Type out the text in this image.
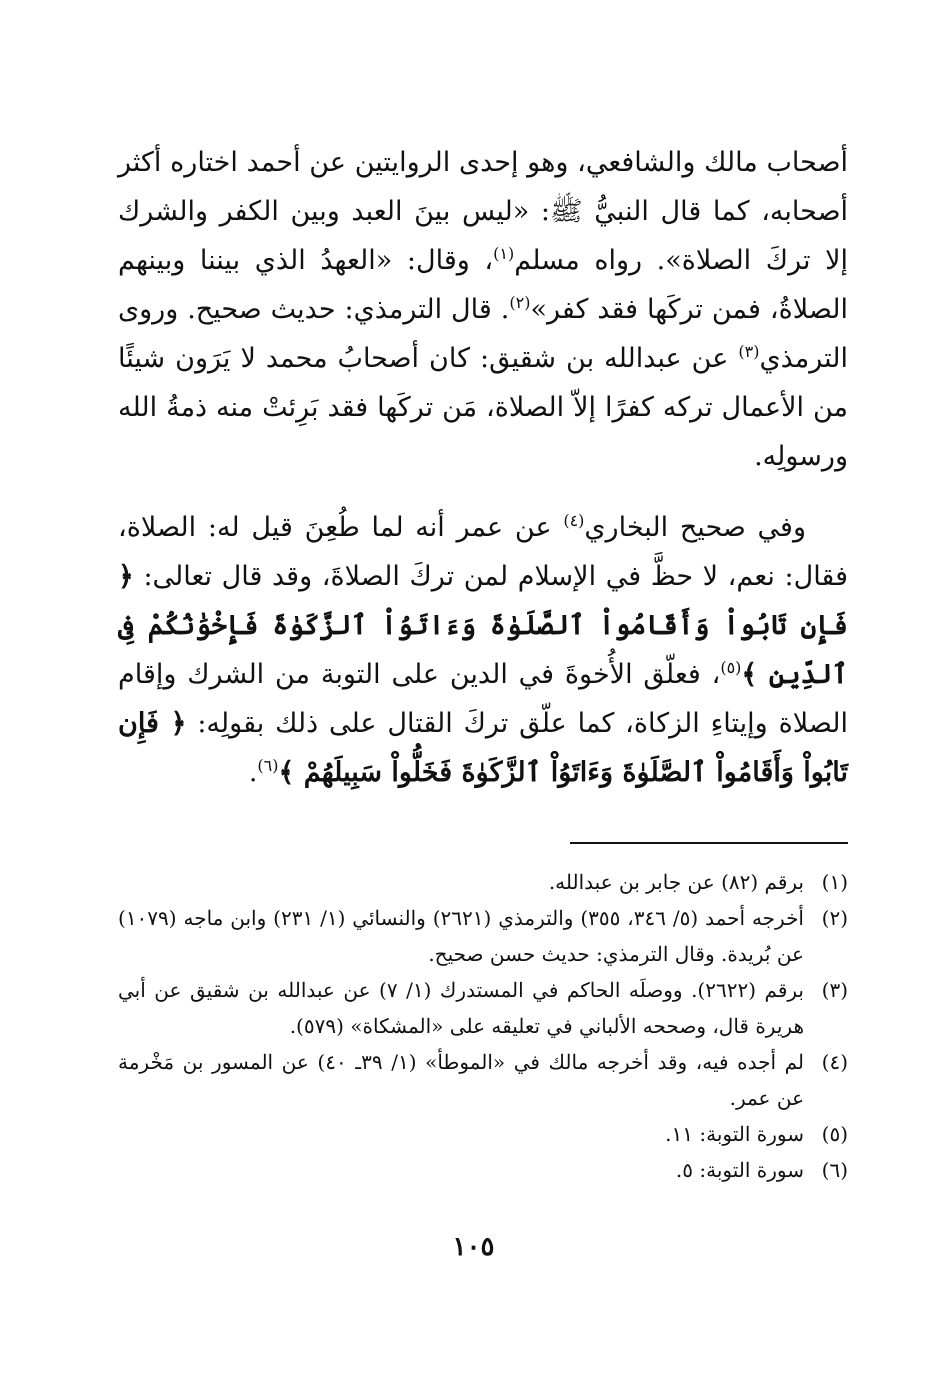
أصحاب مالك والشافعي، وهو إحدى الروايتين عن أحمد اختاره أكثر أصحابه، كما قال النبيُّ ﷺ: «ليس بينَ العبد وبين الكفر والشرك إلا تركَ الصلاة». رواه مسلم$^{(١)}$، وقال: «العهدُ الذي بيننا وبينهم الصلاةُ، فمن تركَها فقد كفر»$^{(٢)}$. قال الترمذي: حديث صحيح. وروى الترمذي$^{(٣)}$ عن عبدالله بن شقيق: كان أصحابُ محمد لا يَرَون شيئًا من الأعمال تركه كفرًا إلاّ الصلاة، مَن تركَها فقد بَرِئتْ منه ذمةُ الله ورسولِه.

وفي صحيح البخاري$^{(٤)}$ عن عمر أنه لما طُعِنَ قيل له: الصلاة، فقال: نعم، لا حظَّ في الإسلام لمن تركَ الصلاةَ، وقد قال تعالى: ﴿ فَإِن تَابُواْ وَأَقَامُواْ ٱلصَّلَوٰةَ وَءَاتَوُاْ ٱلزَّكَوٰةَ فَإِخْوَٰنُكُمْ فِى ٱلدِّينِ ﴾$^{(٥)}$، فعلّق الأُخوةَ في الدين على التوبة من الشرك وإقام الصلاة وإيتاءِ الزكاة، كما علّق تركَ القتال على ذلك بقولِه: ﴿ فَإِن تَابُواْ وَأَقَامُواْ ٱلصَّلَوٰةَ وَءَاتَوُاْ ٱلزَّكَوٰةَ فَخَلُّواْ سَبِيلَهُمْ ﴾$^{(٦)}$.

(١)
برقم (٨٢) عن جابر بن عبدالله.
(٢)
أخرجه أحمد (٥/ ٣٤٦، ٣٥٥) والترمذي (٢٦٢١) والنسائي (١/ ٢٣١) وابن ماجه (١٠٧٩) عن بُريدة. وقال الترمذي: حديث حسن صحيح.
(٣)
برقم (٢٦٢٢). ووصلَه الحاكم في المستدرك (١/ ٧) عن عبدالله بن شقيق عن أبي هريرة قال، وصححه الألباني في تعليقه على «المشكاة» (٥٧٩).
(٤)
لم أجده فيه، وقد أخرجه مالك في «الموطأ» (١/ ٣٩ـ ٤٠) عن المسور بن مَخْرمة عن عمر.
(٥)
سورة التوبة: ١١.
(٦)
سورة التوبة: ٥.
١٠٥
